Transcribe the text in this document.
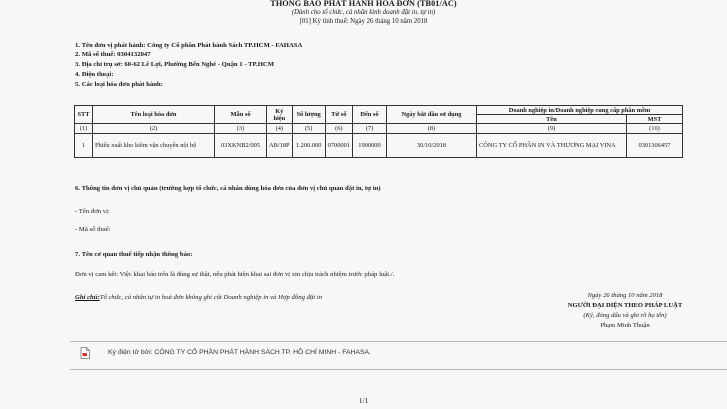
THÔNG BÁO PHÁT HÀNH HÓA ĐƠN (TB01/AC)
(Dành cho tổ chức, cá nhân kinh doanh đặt in, tự in)
[01] Kỳ tính thuế: Ngày 26 tháng 10 năm 2018
1. Tên đơn vị phát hành: Công ty Cổ phần Phát hành Sách TP.HCM - FAHASA
2. Mã số thuế: 0304132047
3. Địa chỉ trụ sở: 60-62 Lê Lợi, Phường Bến Nghé - Quận 1 - TP.HCM
4. Điện thoại:
5. Các loại hóa đơn phát hành:
STT	Tên loại hóa đơn	Mẫu số	Ký hiệu	Số lượng	Từ số	Đến số	Ngày bắt đầu sử dụng	Doanh nghiệp in/Doanh nghiệp cung cấp phần mềm	
								Tên	MST
(1)	(2)	(3)	(4)	(5)	(6)	(7)	(8)	(9)	(10)
1	Phiếu xuất kho kiêm vận chuyển nội bộ	03XKNB2/005	AB/18P	1.200.000	0700001	1900000	30/10/2018	CÔNG TY CỔ PHẦN IN VÀ THƯƠNG MẠI VINA	0301306457
6. Thông tin đơn vị chủ quản (trường hợp tổ chức, cá nhân dùng hóa đơn của đơn vị chủ quản đặt in, tự in)
- Tên đơn vị:
- Mã số thuế:
7. Tên cơ quan thuế tiếp nhận thông báo:
Đơn vị cam kết: Việc khai báo trên là đúng sự thật, nếu phát hiện khai sai đơn vị xin chịu trách nhiệm trước pháp luật./.
Ghi chú:Tổ chức, cá nhân tự in hoá đơn không ghi cột Doanh nghiệp in và Hợp đồng đặt in	Ngày 26 tháng 10 năm 2018
NGƯỜI ĐẠI DIỆN THEO PHÁP LUẬT
(Ký, đóng dấu và ghi rõ họ tên)
Phạm Minh Thuận
Ký điện tử bởi: CÔNG TY CỔ PHẦN PHÁT HÀNH SÁCH TP. HỒ CHÍ MINH - FAHASA.
1/1
